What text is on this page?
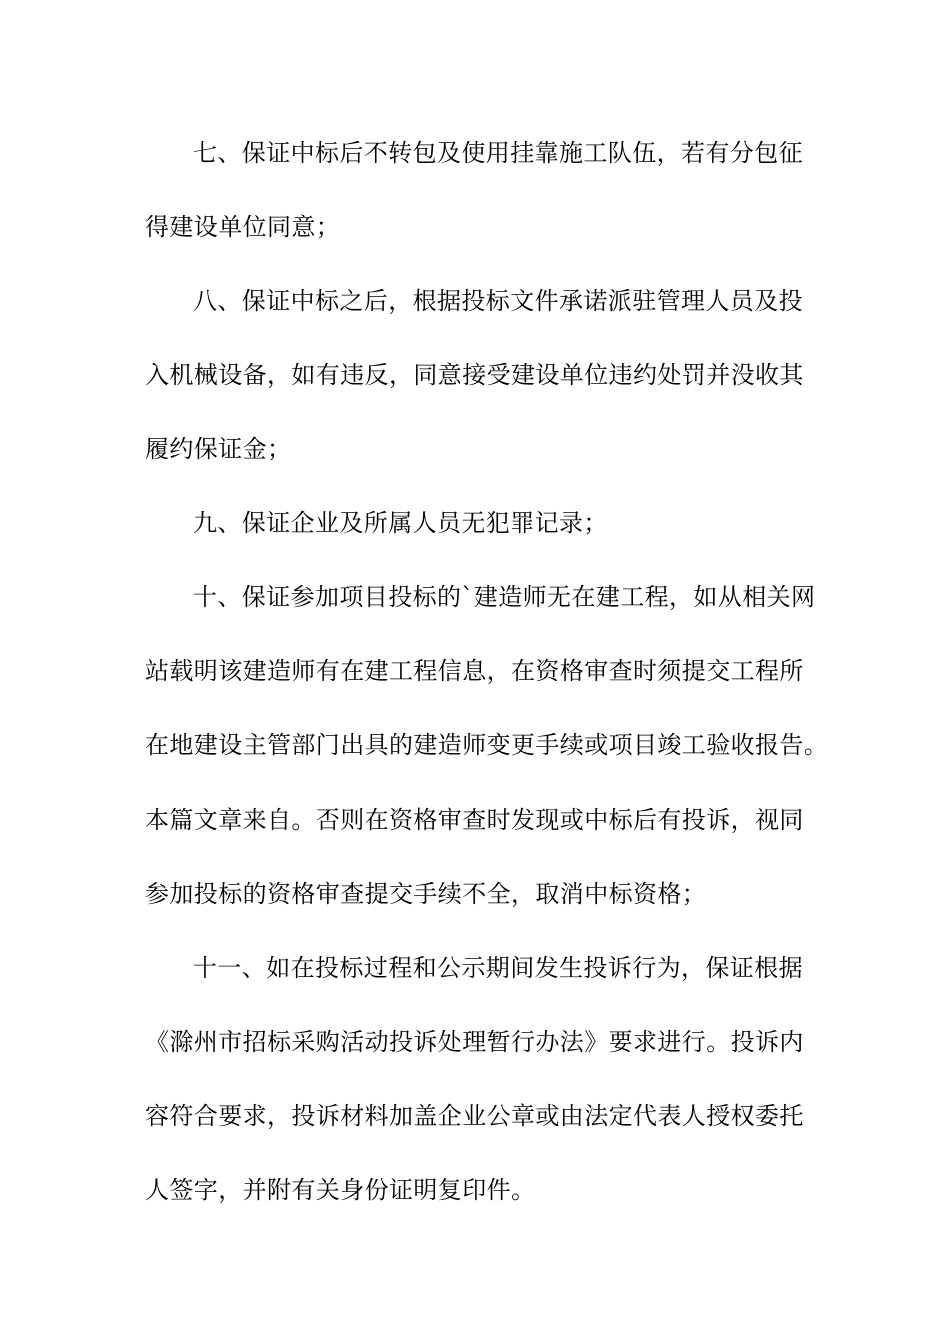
七、保证中标后不转包及使用挂靠施工队伍，若有分包征
得建设单位同意；
八、保证中标之后，根据投标文件承诺派驻管理人员及投
入机械设备，如有违反，同意接受建设单位违约处罚并没收其
履约保证金；
九、保证企业及所属人员无犯罪记录；
十、保证参加项目投标的`建造师无在建工程，如从相关网
站载明该建造师有在建工程信息，在资格审查时须提交工程所
在地建设主管部门出具的建造师变更手续或项目竣工验收报告。
本篇文章来自。否则在资格审查时发现或中标后有投诉，视同
参加投标的资格审查提交手续不全，取消中标资格；
十一、如在投标过程和公示期间发生投诉行为，保证根据
《滁州市招标采购活动投诉处理暂行办法》要求进行。投诉内
容符合要求，投诉材料加盖企业公章或由法定代表人授权委托
人签字，并附有关身份证明复印件。
